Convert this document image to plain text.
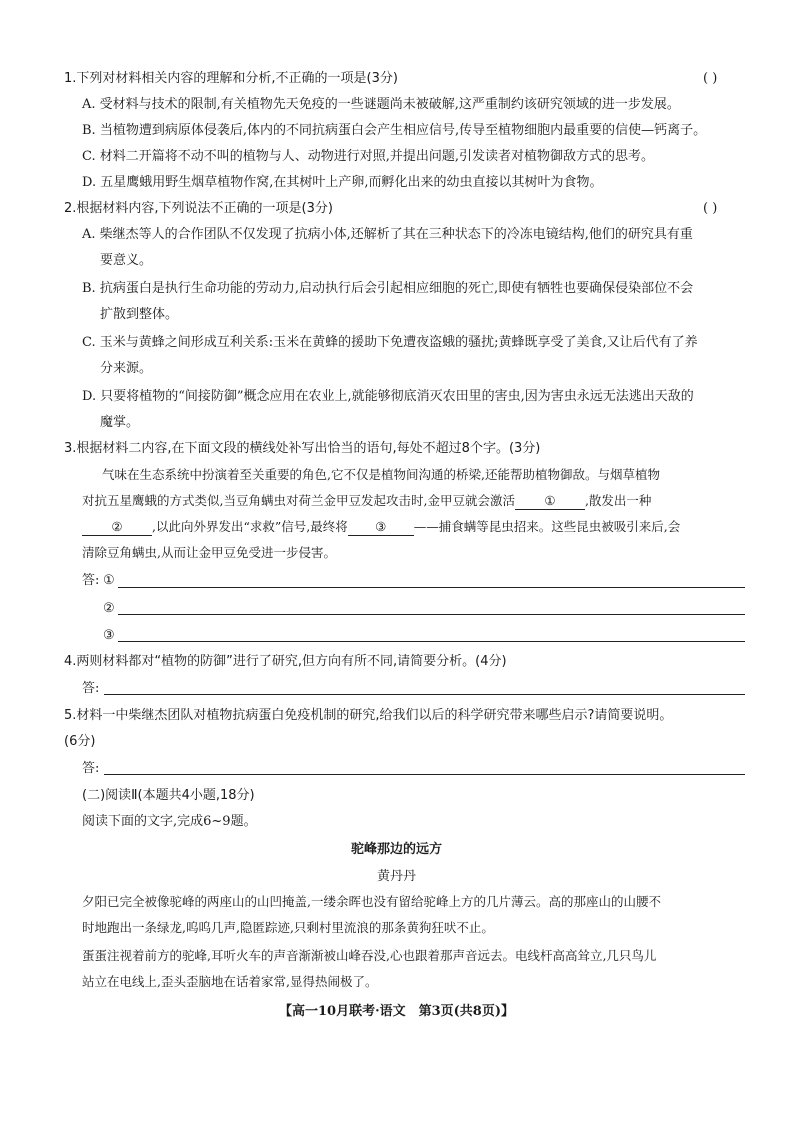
1.下列对材料相关内容的理解和分析,不正确的一项是(3分)	( )
A. 受材料与技术的限制,有关植物先天免疫的一些谜题尚未被破解,这严重制约该研究领域的进一步发展。
B. 当植物遭到病原体侵袭后,体内的不同抗病蛋白会产生相应信号,传导至植物细胞内最重要的信使—钙离子。
C. 材料二开篇将不动不叫的植物与人、动物进行对照,并提出问题,引发读者对植物御敌方式的思考。
D. 五星鹰蛾用野生烟草植物作窝,在其树叶上产卵,而孵化出来的幼虫直接以其树叶为食物。
2.根据材料内容,下列说法不正确的一项是(3分)	( )
A. 柴继杰等人的合作团队不仅发现了抗病小体,还解析了其在三种状态下的冷冻电镜结构,他们的研究具有重
要意义。
B. 抗病蛋白是执行生命功能的劳动力,启动执行后会引起相应细胞的死亡,即使有牺牲也要确保侵染部位不会
扩散到整体。
C. 玉米与黄蜂之间形成互利关系:玉米在黄蜂的援助下免遭夜盗蛾的骚扰;黄蜂既享受了美食,又让后代有了养
分来源。
D. 只要将植物的“间接防御”概念应用在农业上,就能够彻底消灭农田里的害虫,因为害虫永远无法逃出天敌的
魔掌。
3.根据材料二内容,在下面文段的横线处补写出恰当的语句,每处不超过8个字。(3分)
气味在生态系统中扮演着至关重要的角色,它不仅是植物间沟通的桥梁,还能帮助植物御敌。与烟草植物
对抗五星鹰蛾的方式类似,当豆角螨虫对荷兰金甲豆发起攻击时,金甲豆就会激活 ① ,散发出一种
② ,以此向外界发出“求救”信号,最终将 ③ ——捕食螨等昆虫招来。这些昆虫被吸引来后,会
清除豆角螨虫,从而让金甲豆免受进一步侵害。
答: ①
②
③
4.两则材料都对“植物的防御”进行了研究,但方向有所不同,请简要分析。(4分)
答:
5.材料一中柴继杰团队对植物抗病蛋白免疫机制的研究,给我们以后的科学研究带来哪些启示?请简要说明。
(6分)
答:
(二)阅读Ⅱ(本题共4小题,18分)
阅读下面的文字,完成6~9题。
驼峰那边的远方
黄丹丹
夕阳已完全被像驼峰的两座山的山凹掩盖,一缕余晖也没有留给驼峰上方的几片薄云。高的那座山的山腰不
时地跑出一条绿龙,呜呜几声,隐匿踪迹,只剩村里流浪的那条黄狗狂吠不止。
蛋蛋注视着前方的驼峰,耳听火车的声音渐渐被山峰吞没,心也跟着那声音远去。电线杆高高耸立,几只鸟儿
站立在电线上,歪头歪脑地在话着家常,显得热闹极了。
【高一10月联考·语文　第3页(共8页)】
